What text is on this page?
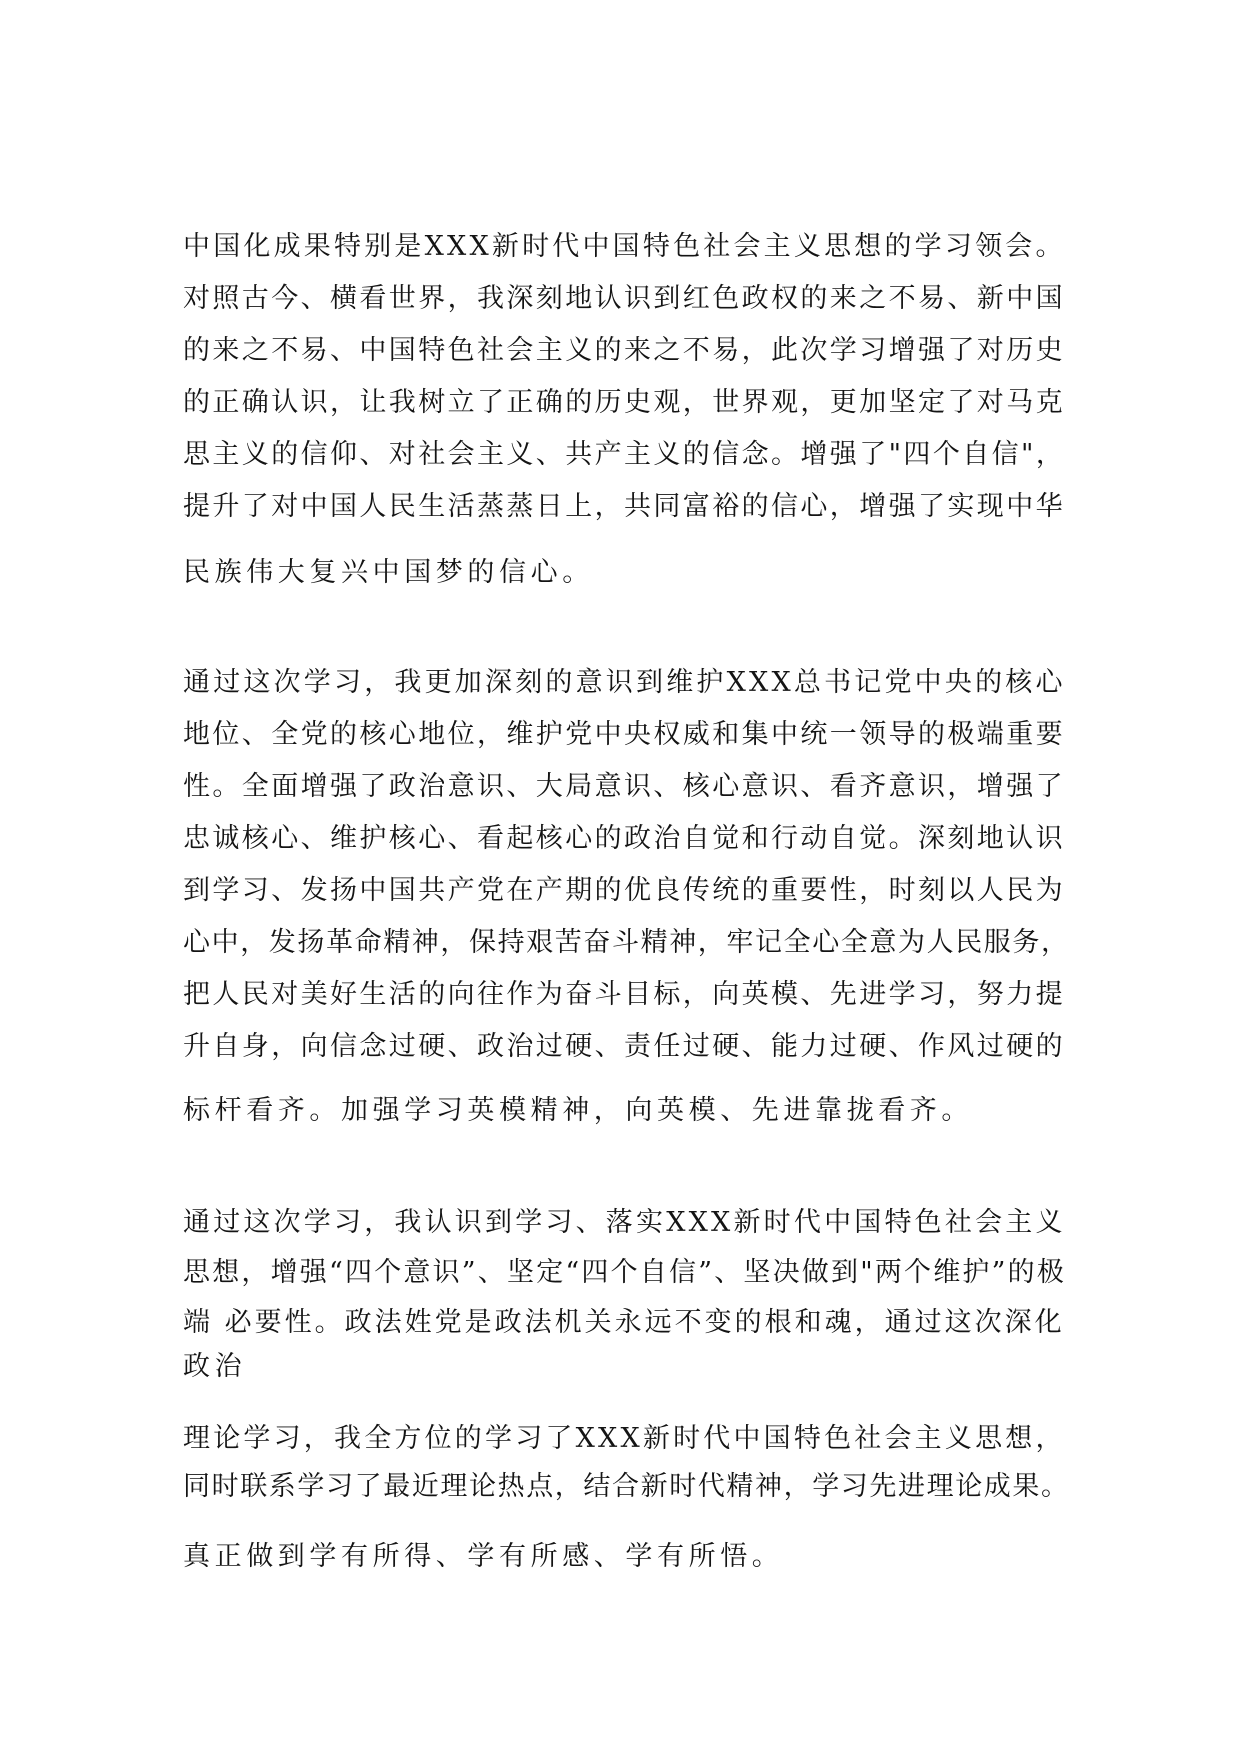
中国化成果特别是XXX新时代中国特色社会主义思想的学习领会。

对照古今、横看世界，我深刻地认识到红色政权的来之不易、新中国

的来之不易、中国特色社会主义的来之不易，此次学习增强了对历史

的正确认识，让我树立了正确的历史观，世界观，更加坚定了对马克

思主义的信仰、对社会主义、共产主义的信念。增强了"四个自信"，

提升了对中国人民生活蒸蒸日上，共同富裕的信心，增强了实现中华

民族伟大复兴中国梦的信心。

通过这次学习，我更加深刻的意识到维护XXX总书记党中央的核心

地位、全党的核心地位，维护党中央权威和集中统一领导的极端重要

性。全面增强了政治意识、大局意识、核心意识、看齐意识，增强了

忠诚核心、维护核心、看起核心的政治自觉和行动自觉。深刻地认识

到学习、发扬中国共产党在产期的优良传统的重要性，时刻以人民为

心中，发扬革命精神，保持艰苦奋斗精神，牢记全心全意为人民服务，

把人民对美好生活的向往作为奋斗目标，向英模、先进学习，努力提

升自身，向信念过硬、政治过硬、责任过硬、能力过硬、作风过硬的

标杆看齐。加强学习英模精神，向英模、先进靠拢看齐。

通过这次学习，我认识到学习、落实XXX新时代中国特色社会主义

思想，增强“四个意识”、坚定“四个自信”、坚决做到"两个维护”的极

端 必要性。政法姓党是政法机关永远不变的根和魂，通过这次深化

政治

理论学习，我全方位的学习了XXX新时代中国特色社会主义思想，

同时联系学习了最近理论热点，结合新时代精神，学习先进理论成果。

真正做到学有所得、学有所感、学有所悟。
